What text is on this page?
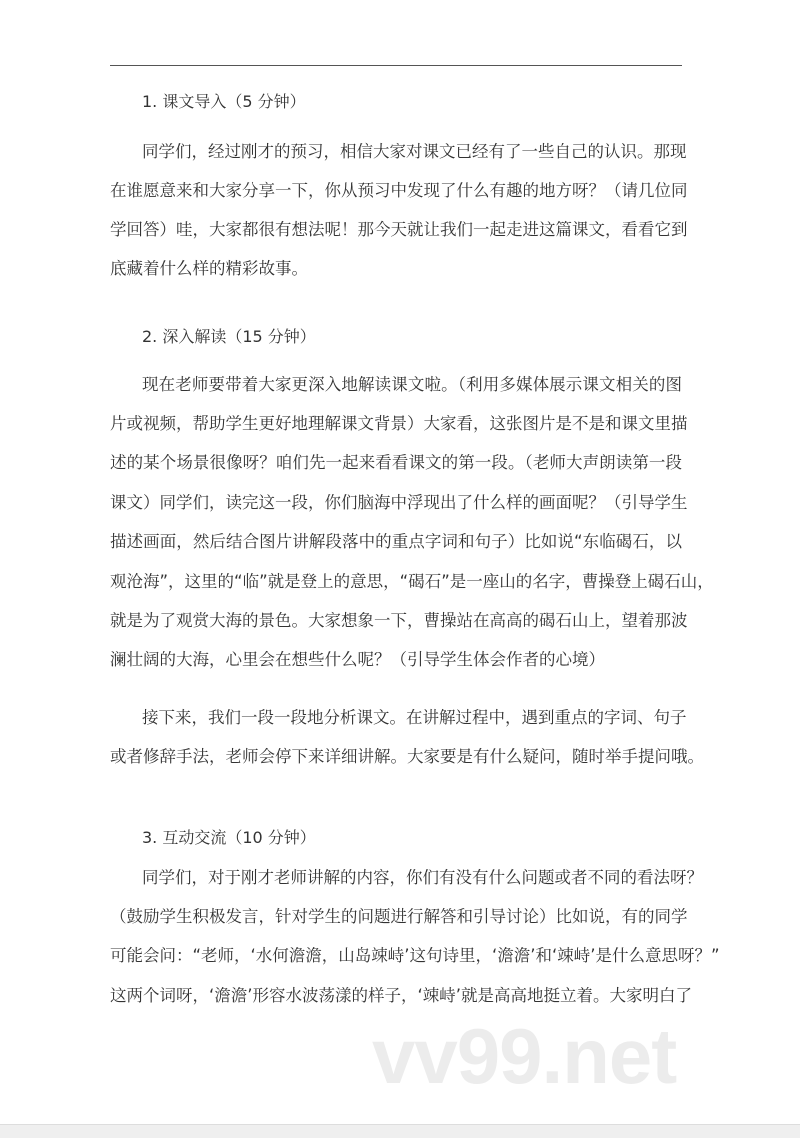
vv99.net
1. 课文导入（5 分钟）
同学们，经过刚才的预习，相信大家对课文已经有了一些自己的认识。那现
在谁愿意来和大家分享一下，你从预习中发现了什么有趣的地方呀？（请几位同
学回答）哇，大家都很有想法呢！那今天就让我们一起走进这篇课文，看看它到
底藏着什么样的精彩故事。
2. 深入解读（15 分钟）
现在老师要带着大家更深入地解读课文啦。（利用多媒体展示课文相关的图
片或视频，帮助学生更好地理解课文背景）大家看，这张图片是不是和课文里描
述的某个场景很像呀？咱们先一起来看看课文的第一段。（老师大声朗读第一段
课文）同学们，读完这一段，你们脑海中浮现出了什么样的画面呢？（引导学生
描述画面，然后结合图片讲解段落中的重点字词和句子）比如说“东临碣石，以
观沧海”，这里的“临”就是登上的意思，“碣石”是一座山的名字，曹操登上碣石山，
就是为了观赏大海的景色。大家想象一下，曹操站在高高的碣石山上，望着那波
澜壮阔的大海，心里会在想些什么呢？（引导学生体会作者的心境）
接下来，我们一段一段地分析课文。在讲解过程中，遇到重点的字词、句子
或者修辞手法，老师会停下来详细讲解。大家要是有什么疑问，随时举手提问哦。
3. 互动交流（10 分钟）
同学们，对于刚才老师讲解的内容，你们有没有什么问题或者不同的看法呀？
（鼓励学生积极发言，针对学生的问题进行解答和引导讨论）比如说，有的同学
可能会问：“老师，‘水何澹澹，山岛竦峙’这句诗里，‘澹澹’和‘竦峙’是什么意思呀？”
这两个词呀，‘澹澹’形容水波荡漾的样子，‘竦峙’就是高高地挺立着。大家明白了
